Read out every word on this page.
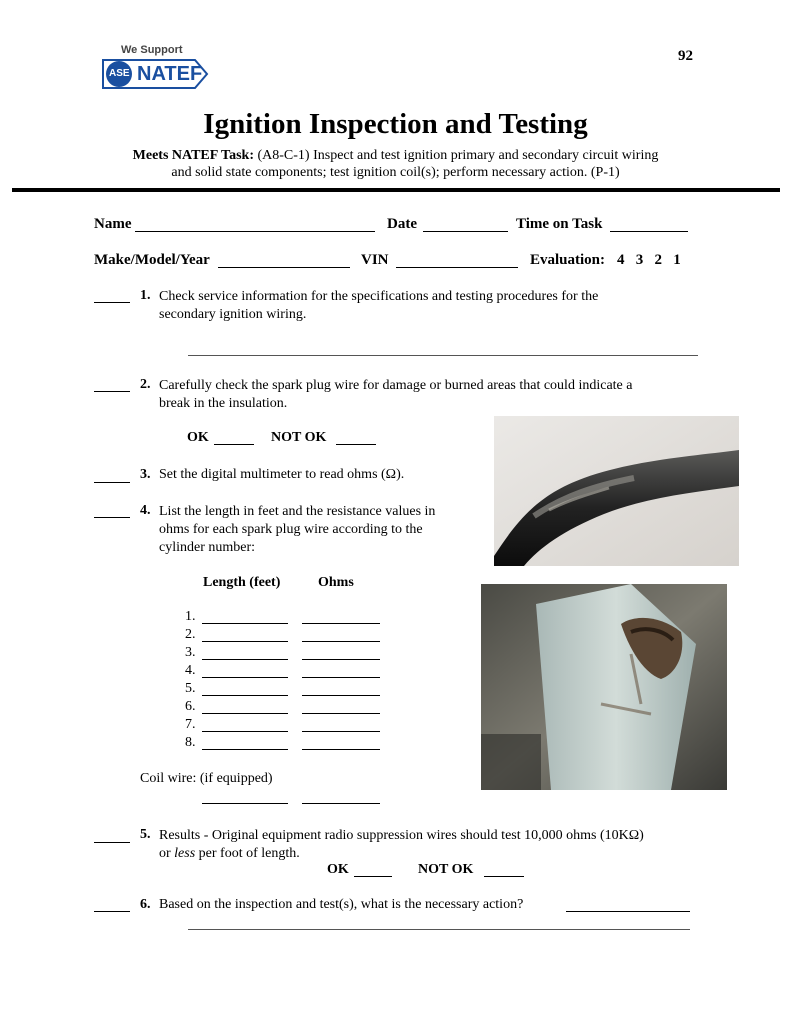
We Support
ASE NATEF
92
Ignition Inspection and Testing
Meets NATEF Task: (A8-C-1) Inspect and test ignition primary and secondary circuit wiring
and solid state components; test ignition coil(s); perform necessary action. (P-1)
Name	Date	Time on Task
Make/Model/Year	VIN	Evaluation: 4   3   2   1
1. Check service information for the specifications and testing procedures for the
secondary ignition wiring.
2. Carefully check the spark plug wire for damage or burned areas that could indicate a
break in the insulation.
OK	NOT OK
3. Set the digital multimeter to read ohms (Ω).
4. List the length in feet and the resistance values in
ohms for each spark plug wire according to the
cylinder number:
Length (feet)	Ohms
1.
2.
3.
4.
5.
6.
7.
8.
Coil wire: (if equipped)
5. Results - Original equipment radio suppression wires should test 10,000 ohms (10KΩ)
or less per foot of length.
OK	NOT OK
6. Based on the inspection and test(s), what is the necessary action?
